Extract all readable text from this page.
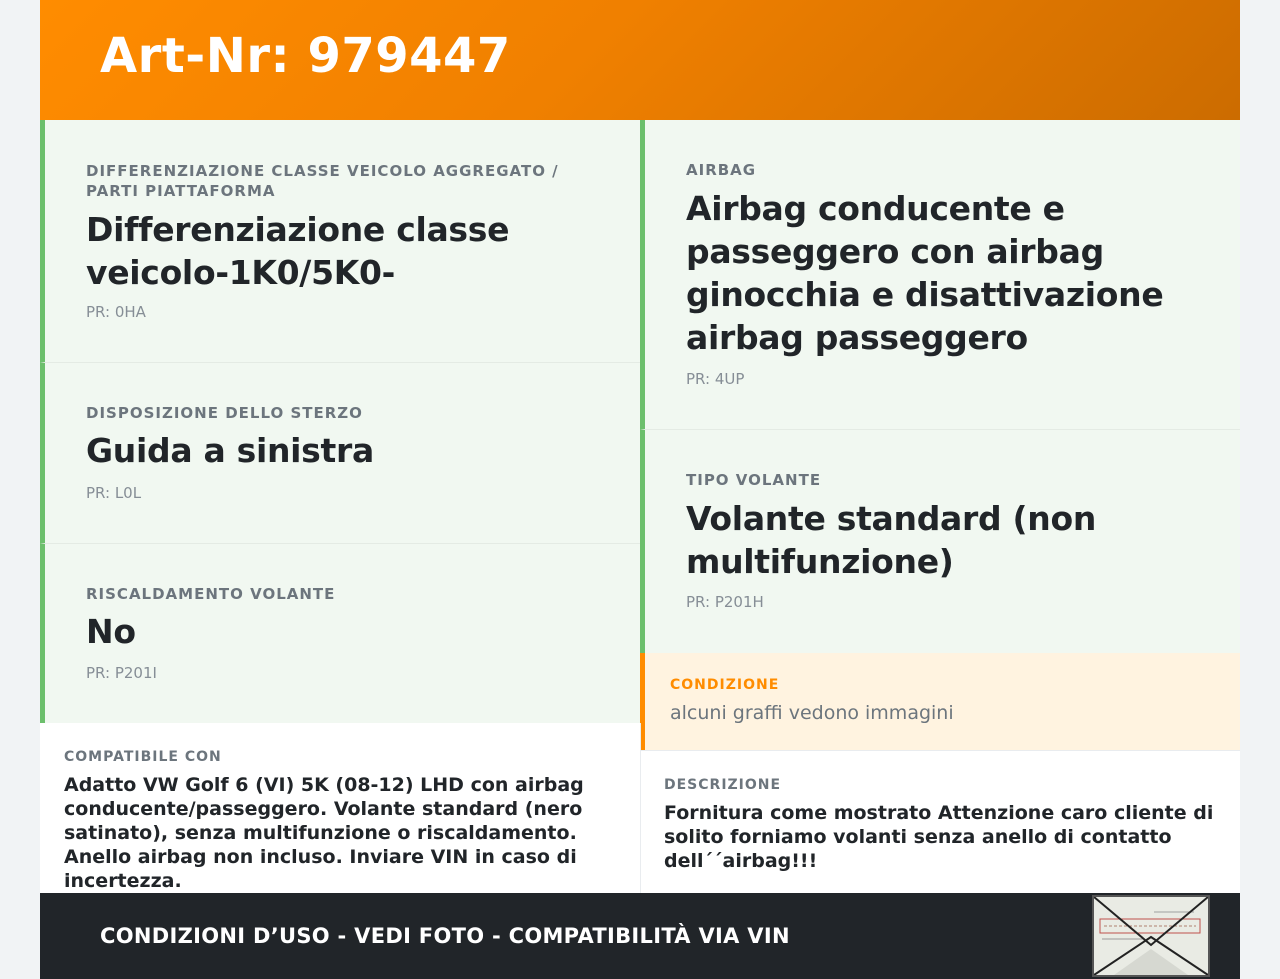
Art-Nr: 979447
DIFFERENZIAZIONE CLASSE VEICOLO AGGREGATO / PARTI PIATTAFORMA
Differenziazione classe veicolo-1K0/5K0-
PR: 0HA
DISPOSIZIONE DELLO STERZO
Guida a sinistra
PR: L0L
RISCALDAMENTO VOLANTE
No
PR: P201I
COMPATIBILE CON
Adatto VW Golf 6 (VI) 5K (08-12) LHD con airbag conducente/passeggero. Volante standard (nero satinato), senza multifunzione o riscaldamento. Anello airbag non incluso. Inviare VIN in caso di incertezza.
AIRBAG
Airbag conducente e passeggero con airbag ginocchia e disattivazione airbag passeggero
PR: 4UP
TIPO VOLANTE
Volante standard (non multifunzione)
PR: P201H
CONDIZIONE
alcuni graffi vedono immagini
DESCRIZIONE
Fornitura come mostrato Attenzione caro cliente di solito forniamo volanti senza anello di contatto dell´´airbag!!!
CONDIZIONI D’USO - VEDI FOTO - COMPATIBILITÀ VIA VIN
